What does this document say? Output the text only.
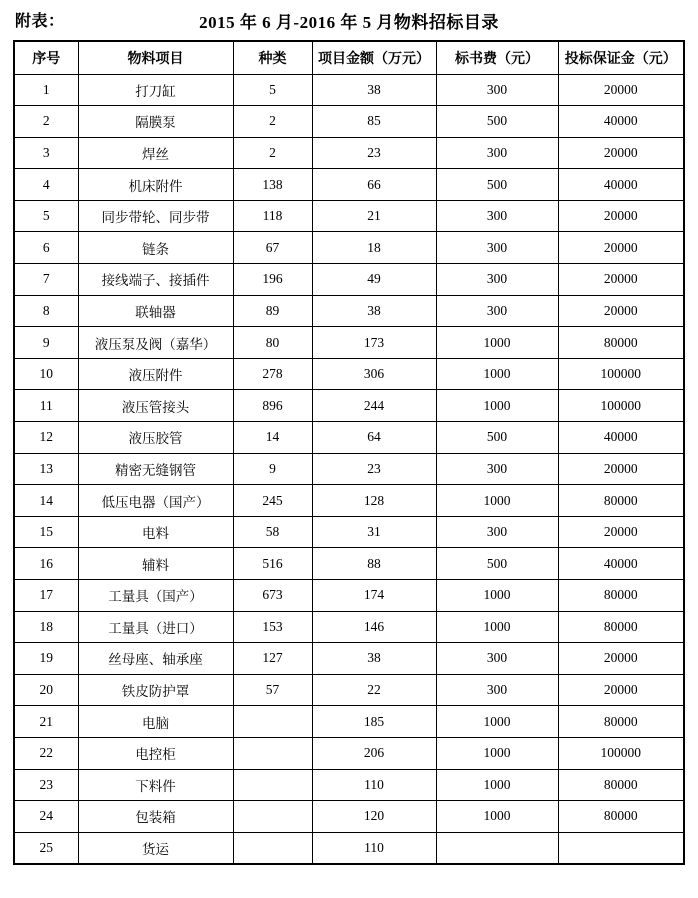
附表：	2015 年 6 月-2016 年 5 月物料招标目录
序号	物料项目	种类	项目金额（万元）	标书费（元）	投标保证金（元）
1	打刀缸	5	38	300	20000
2	隔膜泵	2	85	500	40000
3	焊丝	2	23	300	20000
4	机床附件	138	66	500	40000
5	同步带轮、同步带	118	21	300	20000
6	链条	67	18	300	20000
7	接线端子、接插件	196	49	300	20000
8	联轴器	89	38	300	20000
9	液压泵及阀（嘉华）	80	173	1000	80000
10	液压附件	278	306	1000	100000
11	液压管接头	896	244	1000	100000
12	液压胶管	14	64	500	40000
13	精密无缝钢管	9	23	300	20000
14	低压电器（国产）	245	128	1000	80000
15	电料	58	31	300	20000
16	辅料	516	88	500	40000
17	工量具（国产）	673	174	1000	80000
18	工量具（进口）	153	146	1000	80000
19	丝母座、轴承座	127	38	300	20000
20	铁皮防护罩	57	22	300	20000
21	电脑		185	1000	80000
22	电控柜		206	1000	100000
23	下料件		110	1000	80000
24	包装箱		120	1000	80000
25	货运		110		
